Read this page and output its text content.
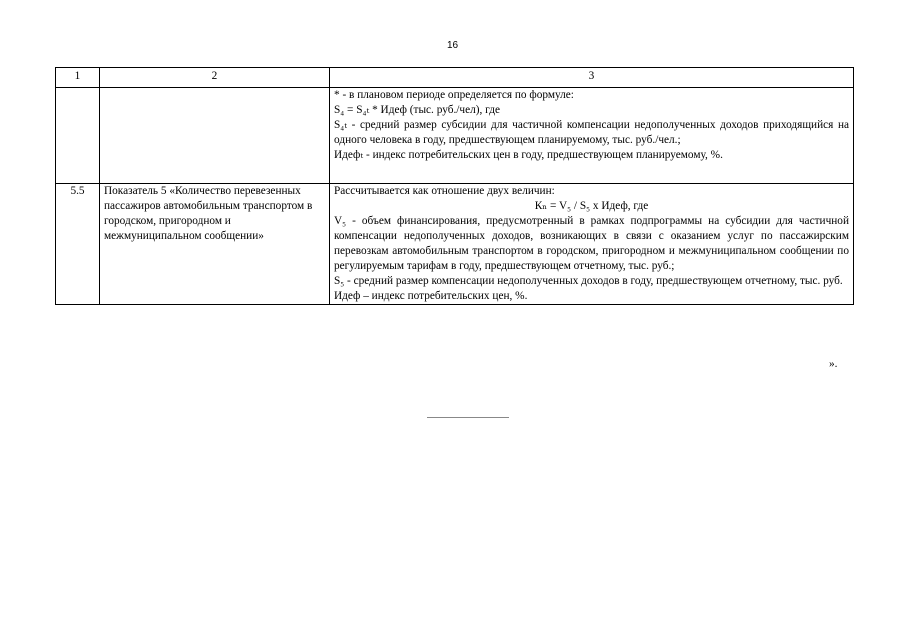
16
1	2	3

		* - в плановом периоде определяется по формуле:
S₄ = S₄ₜ * Идеф (тыс. руб./чел), где
S₄ₜ - средний размер субсидии для частичной компенсации недополученных доходов приходящийся на одного человека в году, предшествующем планируемому, тыс. руб./чел.;
Идефₜ - индекс потребительских цен в году, предшествующем планируемому, %.

5.5	Показатель 5 «Количество перевезенных пассажиров автомобильным транспортом в городском, пригородном и межмуниципальном сообщении»	Рассчитывается как отношение двух величин:
Кₙ = V₅ / S₅ x Идеф, где
V₅ - объем финансирования, предусмотренный в рамках подпрограммы на субсидии для частичной компенсации недополученных доходов, возникающих в связи с оказанием услуг по пассажирским перевозкам автомобильным транспортом в городском, пригородном и межмуниципальном сообщении по регулируемым тарифам в году, предшествующем отчетному, тыс. руб.;
S₅ - средний размер компенсации недополученных доходов в году, предшествующем отчетному, тыс. руб.
Идеф – индекс потребительских цен, %.
».
